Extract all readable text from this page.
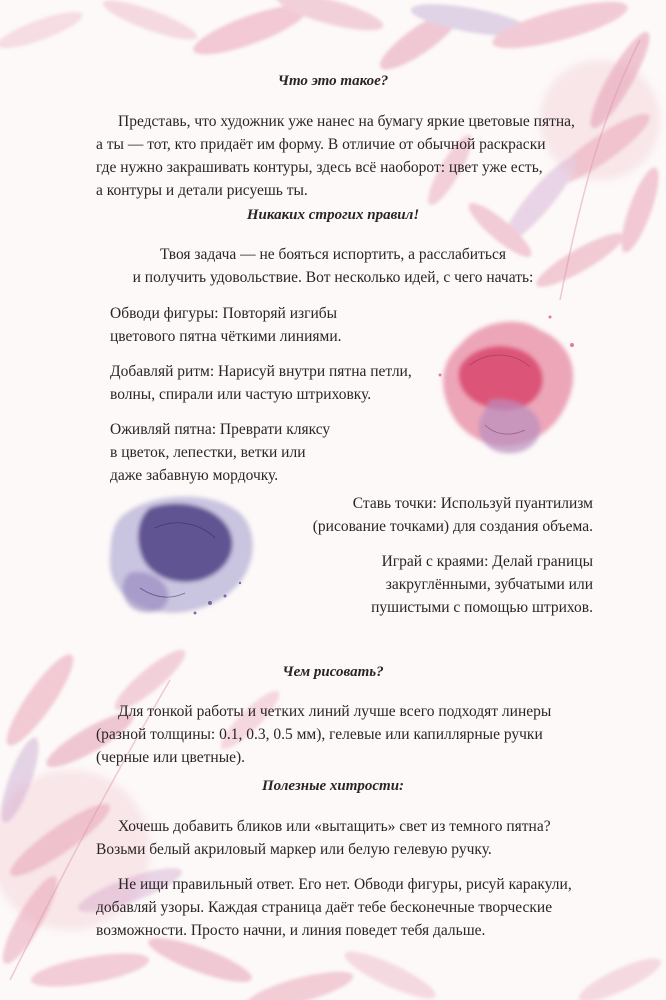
Что это такое?
Представь, что художник уже нанес на бумагу яркие цветовые пятна,
а ты — тот, кто придаёт им форму. В отличие от обычной раскраски
где нужно закрашивать контуры, здесь всё наоборот: цвет уже есть,
а контуры и детали рисуешь ты.
Никаких строгих правил!
Твоя задача — не бояться испортить, а расслабиться
и получить удовольствие. Вот несколько идей, с чего начать:
Обводи фигуры: Повторяй изгибы
цветового пятна чёткими линиями.
Добавляй ритм: Нарисуй внутри пятна петли,
волны, спирали или частую штриховку.
Оживляй пятна: Преврати кляксу
в цветок, лепестки, ветки или
даже забавную мордочку.
Ставь точки: Используй пуантилизм
(рисование точками) для создания объема.
Играй с краями: Делай границы
закруглёнными, зубчатыми или
пушистыми с помощью штрихов.
Чем рисовать?
Для тонкой работы и четких линий лучше всего подходят линеры
(разной толщины: 0.1, 0.3, 0.5 мм), гелевые или капиллярные ручки
(черные или цветные).
Полезные хитрости:
Хочешь добавить бликов или «вытащить» свет из темного пятна?
Возьми белый акриловый маркер или белую гелевую ручку.
Не ищи правильный ответ. Его нет. Обводи фигуры, рисуй каракули,
добавляй узоры. Каждая страница даёт тебе бесконечные творческие
возможности. Просто начни, и линия поведет тебя дальше.
